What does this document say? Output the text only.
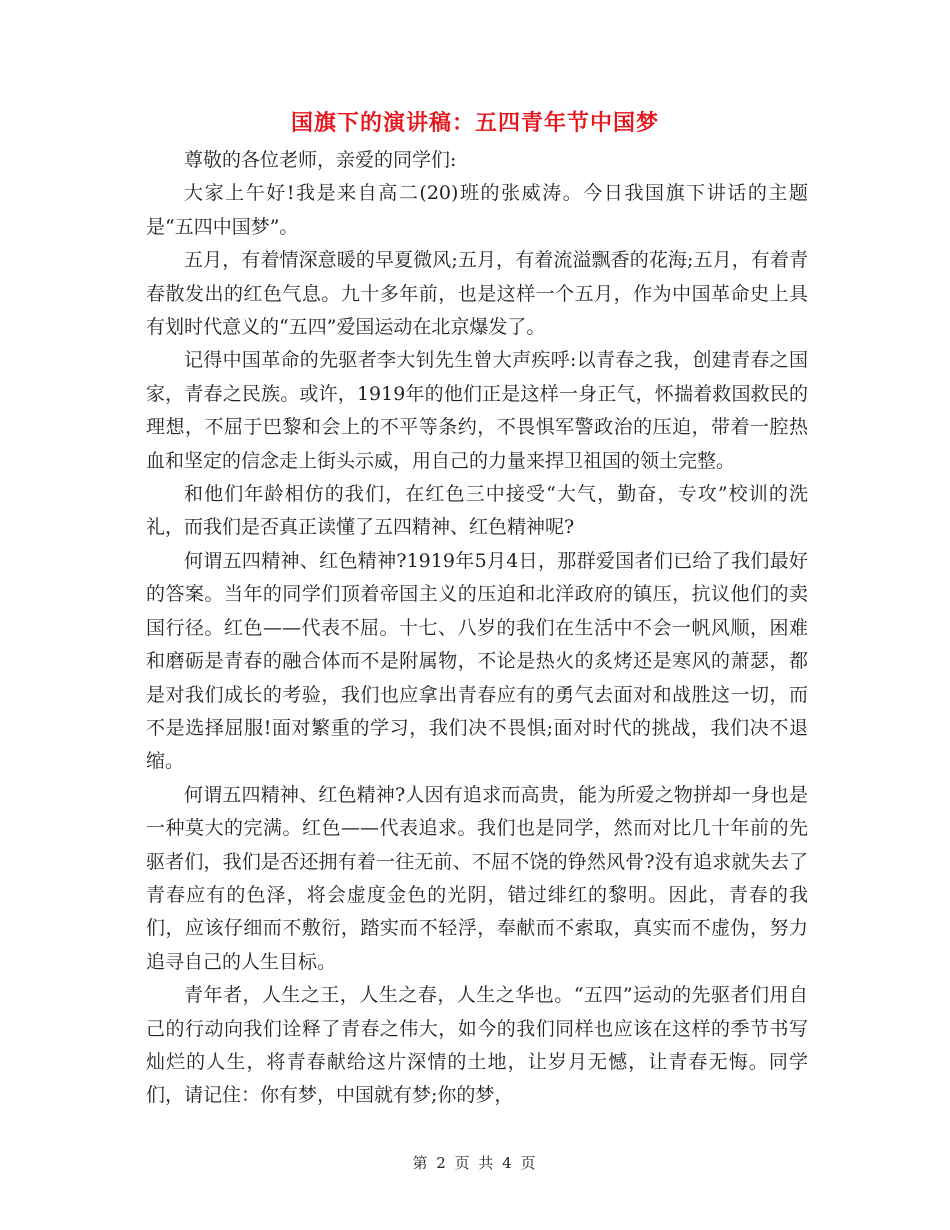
国旗下的演讲稿：五四青年节中国梦

尊敬的各位老师，亲爱的同学们:

大家上午好!我是来自高二(20)班的张威涛。今日我国旗下讲话的主题是“五四中国梦”。

五月，有着情深意暖的早夏微风;五月，有着流溢飘香的花海;五月，有着青春散发出的红色气息。九十多年前，也是这样一个五月，作为中国革命史上具有划时代意义的“五四”爱国运动在北京爆发了。

记得中国革命的先驱者李大钊先生曾大声疾呼:以青春之我，创建青春之国家，青春之民族。或许，1919年的他们正是这样一身正气，怀揣着救国救民的理想，不屈于巴黎和会上的不平等条约，不畏惧军警政治的压迫，带着一腔热血和坚定的信念走上街头示威，用自己的力量来捍卫祖国的领土完整。

和他们年龄相仿的我们，在红色三中接受“大气，勤奋，专攻”校训的洗礼，而我们是否真正读懂了五四精神、红色精神呢?

何谓五四精神、红色精神?1919年5月4日，那群爱国者们已给了我们最好的答案。当年的同学们顶着帝国主义的压迫和北洋政府的镇压，抗议他们的卖国行径。红色——代表不屈。十七、八岁的我们在生活中不会一帆风顺，困难和磨砺是青春的融合体而不是附属物，不论是热火的炙烤还是寒风的萧瑟，都是对我们成长的考验，我们也应拿出青春应有的勇气去面对和战胜这一切，而不是选择屈服!面对繁重的学习，我们决不畏惧;面对时代的挑战，我们决不退缩。

何谓五四精神、红色精神?人因有追求而高贵，能为所爱之物拼却一身也是一种莫大的完满。红色——代表追求。我们也是同学，然而对比几十年前的先驱者们，我们是否还拥有着一往无前、不屈不饶的铮然风骨?没有追求就失去了青春应有的色泽，将会虚度金色的光阴，错过绯红的黎明。因此，青春的我们，应该仔细而不敷衍，踏实而不轻浮，奉献而不索取，真实而不虚伪，努力追寻自己的人生目标。

青年者，人生之王，人生之春，人生之华也。“五四”运动的先驱者们用自己的行动向我们诠释了青春之伟大，如今的我们同样也应该在这样的季节书写灿烂的人生，将青春献给这片深情的土地，让岁月无憾，让青春无悔。同学们，请记住：你有梦，中国就有梦;你的梦，

第 2 页 共 4 页
